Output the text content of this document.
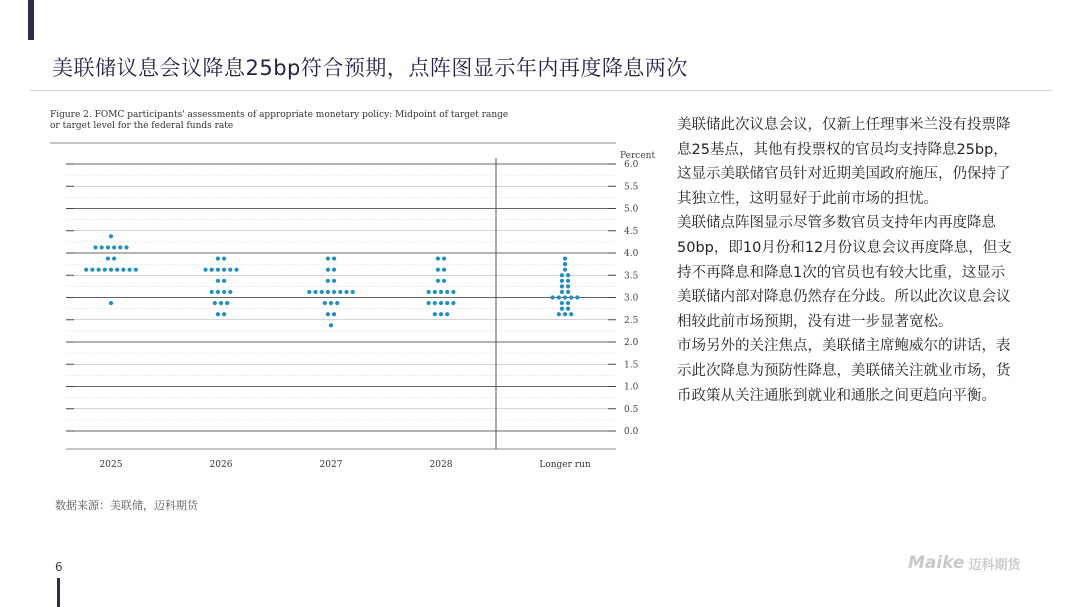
美联储议息会议降息25bp符合预期，点阵图显示年内再度降息两次
Figure 2. FOMC participants' assessments of appropriate monetary policy: Midpoint of target range
or target level for the federal funds rate
6.0
5.5
5.0
4.5
4.0
3.5
3.0
2.5
2.0
1.5
1.0
0.5
0.0
Percent
2025	2026	2027	2028	Longer run
数据来源：美联储，迈科期货

美联储此次议息会议，仅新上任理事米兰没有投票降息25基点，其他有投票权的官员均支持降息25bp，这显示美联储官员针对近期美国政府施压，仍保持了其独立性，这明显好于此前市场的担忧。

美联储点阵图显示尽管多数官员支持年内再度降息50bp，即10月份和12月份议息会议再度降息，但支持不再降息和降息1次的官员也有较大比重，这显示美联储内部对降息仍然存在分歧。所以此次议息会议相较此前市场预期，没有进一步显著宽松。

市场另外的关注焦点，美联储主席鲍威尔的讲话，表示此次降息为预防性降息，美联储关注就业市场，货币政策从关注通胀到就业和通胀之间更趋向平衡。

6	Maike 迈科期货
